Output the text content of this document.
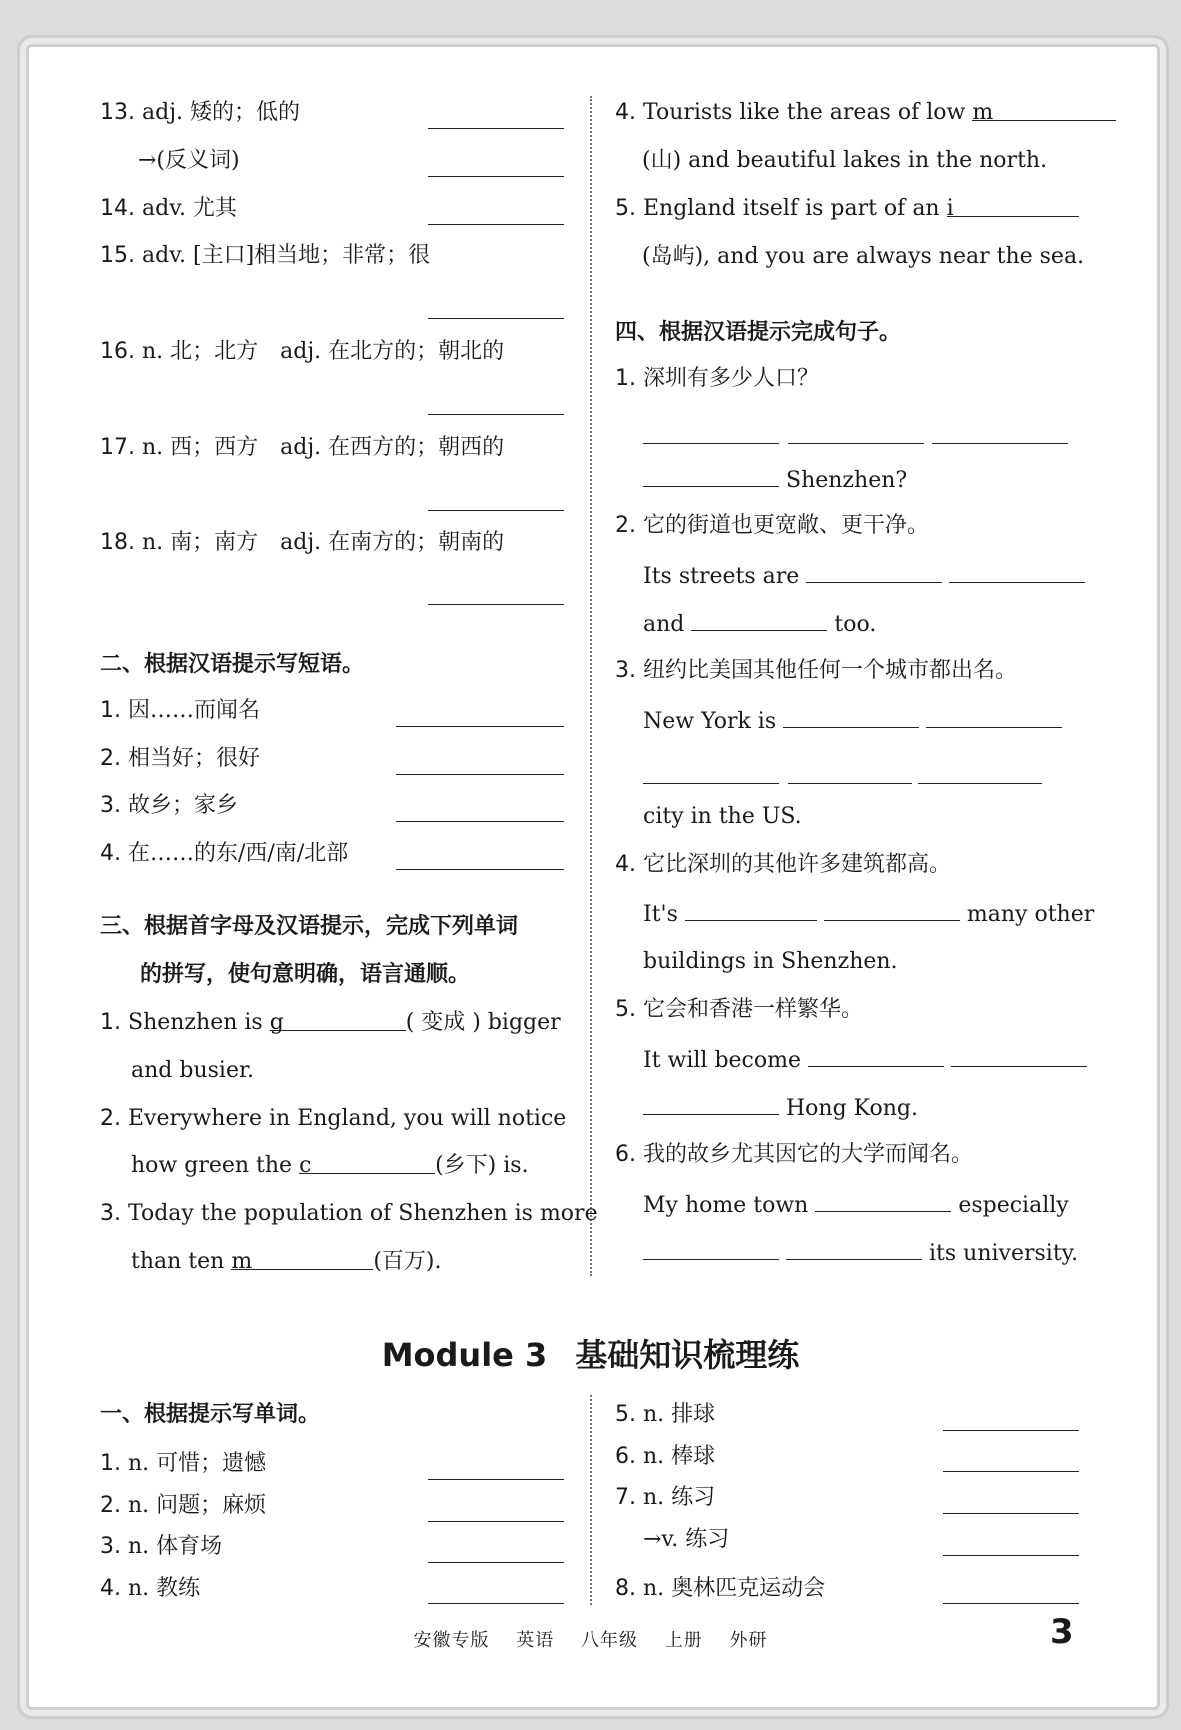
13. adj. 矮的；低的
→(反义词)
14. adv. 尤其
15. adv. [主口]相当地；非常；很
16. n. 北；北方　adj. 在北方的；朝北的
17. n. 西；西方　adj. 在西方的；朝西的
18. n. 南；南方　adj. 在南方的；朝南的
二、根据汉语提示写短语。
1. 因……而闻名
2. 相当好；很好
3. 故乡；家乡
4. 在……的东/西/南/北部
三、根据首字母及汉语提示，完成下列单词
的拼写，使句意明确，语言通顺。
1. Shenzhen is g	( 变成 ) bigger
and busier.
2. Everywhere in England, you will notice
how green the c	(乡下) is.
3. Today the population of Shenzhen is more
than ten m	(百万).
4. Tourists like the areas of low m
(山) and beautiful lakes in the north.
5. England itself is part of an i
(岛屿), and you are always near the sea.
四、根据汉语提示完成句子。
1. 深圳有多少人口？
Shenzhen?
2. 它的街道也更宽敞、更干净。
Its streets are
and	too.
3. 纽约比美国其他任何一个城市都出名。
New York is
city in the US.
4. 它比深圳的其他许多建筑都高。
It's	many other
buildings in Shenzhen.
5. 它会和香港一样繁华。
It will become
Hong Kong.
6. 我的故乡尤其因它的大学而闻名。
My home town	especially
its university.
Module 3 基础知识梳理练
一、根据提示写单词。
1. n. 可惜；遗憾
2. n. 问题；麻烦
3. n. 体育场
4. n. 教练
5. n. 排球
6. n. 棒球
7. n. 练习
→v. 练习
8. n. 奥林匹克运动会
安徽专版 英语 八年级 上册 外研	3
